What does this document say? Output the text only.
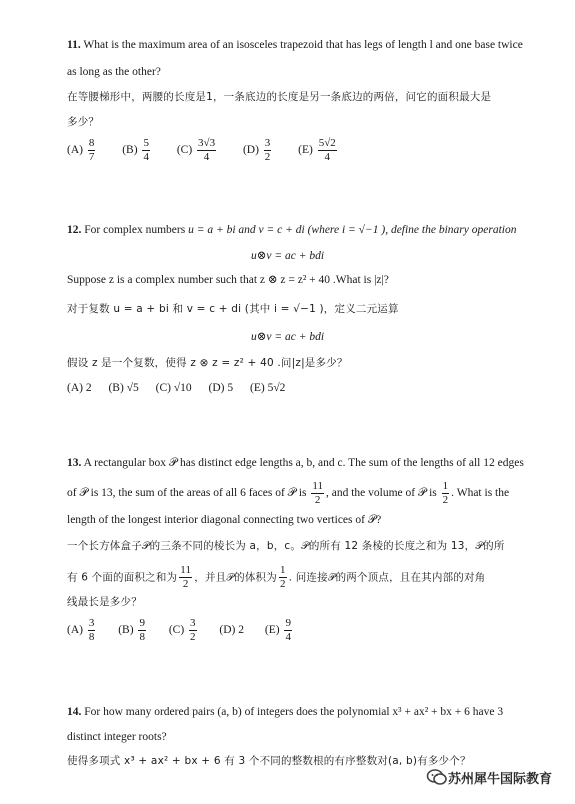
11. What is the maximum area of an isosceles trapezoid that has legs of length l and one base twice
as long as the other?
在等腰梯形中，两腰的长度是1，一条底边的长度是另一条底边的两倍，问它的面积最大是
多少？
$(A) \frac{8}{7} (B) \frac{5}{4} (C) \frac{3√3}{4} (D) \frac{3}{2} (E) \frac{5√2}{4}$
12. For complex numbers u = a + bi and v = c + di (where i = √−1 ), define the binary operation
u⊗v = ac + bdi
Suppose z is a complex number such that z ⊗ z = z² + 40 .What is |z|?
对于复数 u = a + bi 和 v = c + di (其中 i = √−1 )，定义二元运算
u⊗v = ac + bdi
假设 z 是一个复数，使得 z ⊗ z = z² + 40 .问|z|是多少？
(A) 2 (B) √5 (C) √10 (D) 5 (E) 5√2
13. A rectangular box 𝒫 has distinct edge lengths a, b, and c. The sum of the lengths of all 12 edges
of 𝒫 is 13, the sum of the areas of all 6 faces of 𝒫 is $\frac{11}{2}$ , and the volume of 𝒫 is $\frac{1}{2}$ . What is the
length of the longest interior diagonal connecting two vertices of 𝒫?
一个长方体盒子𝒫的三条不同的棱长为 a，b，c。𝒫的所有 12 条棱的长度之和为 13，𝒫的所
有 6 个面的面积之和为 $\frac{11}{2}$ ，并且𝒫的体积为 $\frac{1}{2}$ . 问连接𝒫的两个顶点，且在其内部的对角
线最长是多少？
$(A) \frac{3}{8} (B) \frac{9}{8} (C) \frac{3}{2} (D)$ 2 $(E) \frac{9}{4}$
14. For how many ordered pairs (a, b) of integers does the polynomial x³ + ax² + bx + 6 have 3
distinct integer roots?
使得多项式 x³ + ax² + bx + 6 有 3 个不同的整数根的有序整数对(a, b)有多少个？
苏州犀牛国际教育
